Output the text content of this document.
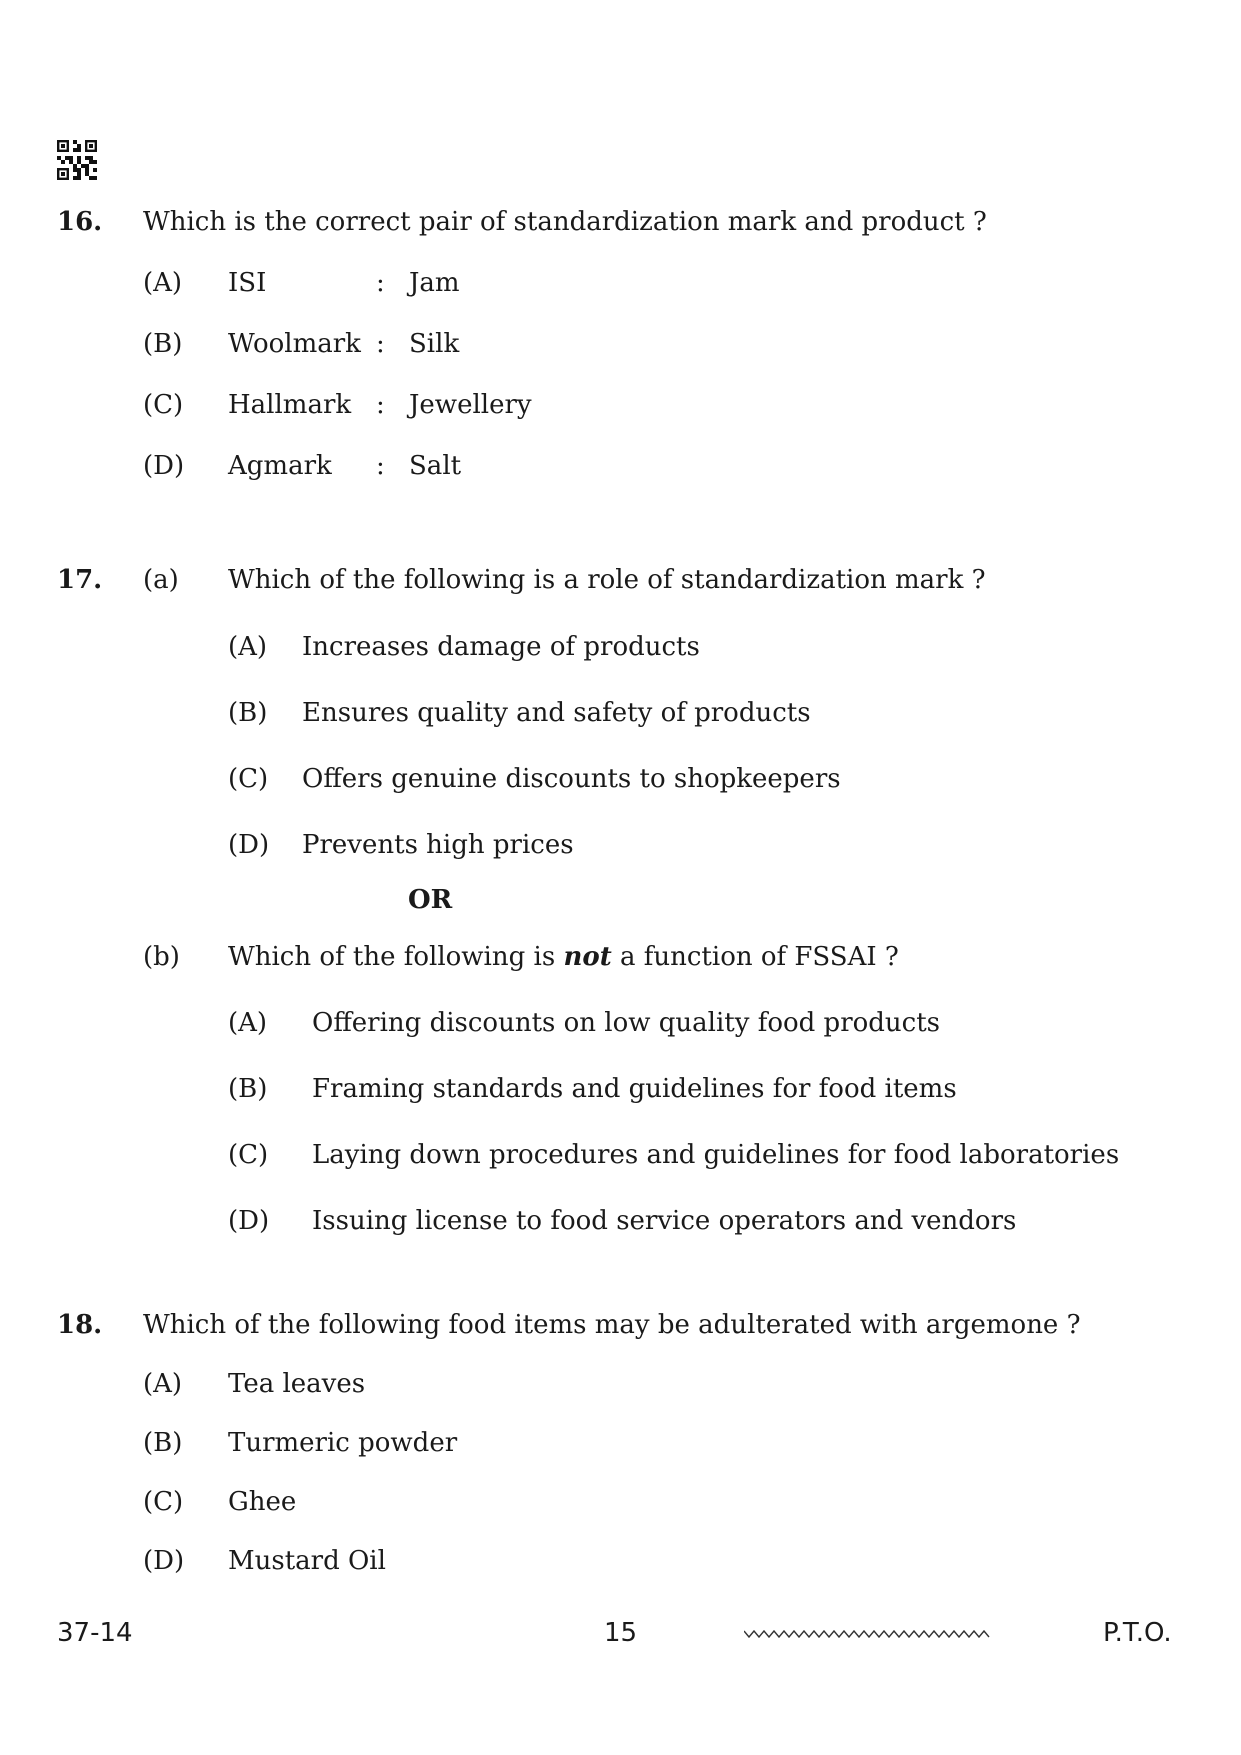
16. Which is the correct pair of standardization mark and product ?
(A) ISI	: Jam
(B) Woolmark : Silk
(C) Hallmark : Jewellery
(D) Agmark : Salt
17. (a) Which of the following is a role of standardization mark ?
(A) Increases damage of products
(B) Ensures quality and safety of products
(C) Offers genuine discounts to shopkeepers
(D) Prevents high prices
OR
(b) Which of the following is not a function of FSSAI ?
(A) Offering discounts on low quality food products
(B) Framing standards and guidelines for food items
(C) Laying down procedures and guidelines for food laboratories
(D) Issuing license to food service operators and vendors
18. Which of the following food items may be adulterated with argemone ?
(A) Tea leaves
(B) Turmeric powder
(C) Ghee
(D) Mustard Oil
37-14	15	P.T.O.
